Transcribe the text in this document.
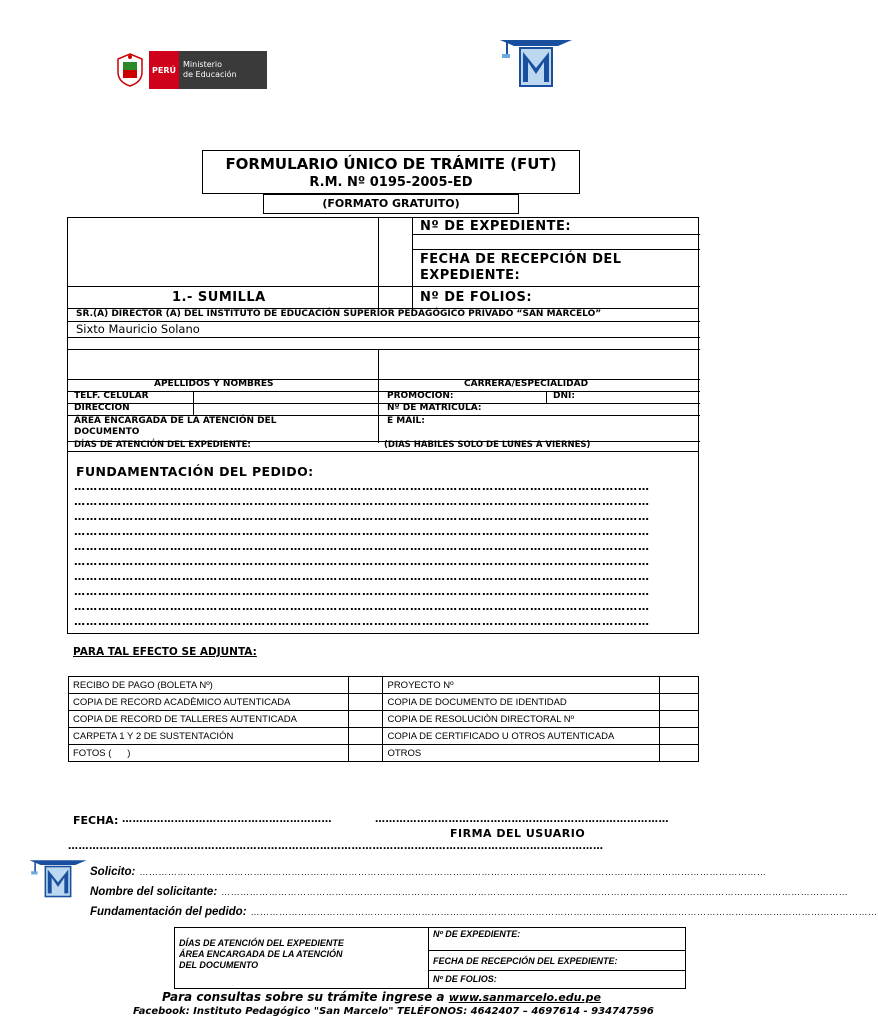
PERÚ
Ministerio
de Educación
FORMULARIO ÚNICO DE TRÁMITE (FUT)
R.M. Nº 0195-2005-ED
(FORMATO GRATUITO)
Nº DE EXPEDIENTE:
FECHA DE RECEPCIÓN DEL
EXPEDIENTE:
1.- SUMILLA	Nº DE FOLIOS:
SR.(A) DIRECTOR (A) DEL INSTITUTO DE EDUCACIÓN SUPERIOR PEDAGÓGICO PRIVADO “SAN MARCELO”
Sixto Mauricio Solano
APELLIDOS Y NOMBRES	CARRERA/ESPECIALIDAD
TELF. CELULAR	PROMOCION:	DNI:
DIRECCION	Nº DE MATRICULA:
ÁREA ENCARGADA DE LA ATENCIÓN DEL
DOCUMENTO
E MAIL:
DÍAS DE ATENCIÓN DEL EXPEDIENTE:	(DIAS HABILES SOLO DE LUNES A VIERNES)
FUNDAMENTACIÓN DEL PEDIDO:
………………………………………………………………………………………………………………………………
………………………………………………………………………………………………………………………………
………………………………………………………………………………………………………………………………
………………………………………………………………………………………………………………………………
………………………………………………………………………………………………………………………………
………………………………………………………………………………………………………………………………
………………………………………………………………………………………………………………………………
………………………………………………………………………………………………………………………………
………………………………………………………………………………………………………………………………
………………………………………………………………………………………………………………………………
PARA TAL EFECTO SE ADJUNTA:
RECIBO DE PAGO (BOLETA Nº)		PROYECTO Nº	
COPIA DE RECORD ACADÈMICO AUTENTICADA		COPIA DE DOCUMENTO DE IDENTIDAD	
COPIA DE RECORD DE TALLERES AUTENTICADA		COPIA DE RESOLUCIÒN DIRECTORAL Nº	
CARPETA 1 Y 2 DE SUSTENTACIÓN		COPIA DE CERTIFICADO U OTROS AUTENTICADA	
FOTOS (      )		OTROS	
FECHA: ……………………………………………………	…………………………………………………………………………
FIRMA DEL USUARIO
………………………………………………………………………………………………………………………………………
Solicito: ………………………………………………………………………………………………………………………………………………………………………………
Nombre del solicitante: ………………………………………………………………………………………………………………………………………………………………………………
Fundamentación del pedido: ………………………………………………………………………………………………………………………………………………………………………………
DÍAS DE ATENCIÓN DEL EXPEDIENTE
ÁREA ENCARGADA DE LA ATENCIÓN
DEL DOCUMENTO
	Nº DE EXPEDIENTE:
FECHA DE RECEPCIÓN DEL EXPEDIENTE:
Nº DE FOLIOS:
Para consultas sobre su trámite ingrese a www.sanmarcelo.edu.pe
Facebook: Instituto Pedagógico "San Marcelo" TELÉFONOS: 4642407 – 4697614 - 934747596
